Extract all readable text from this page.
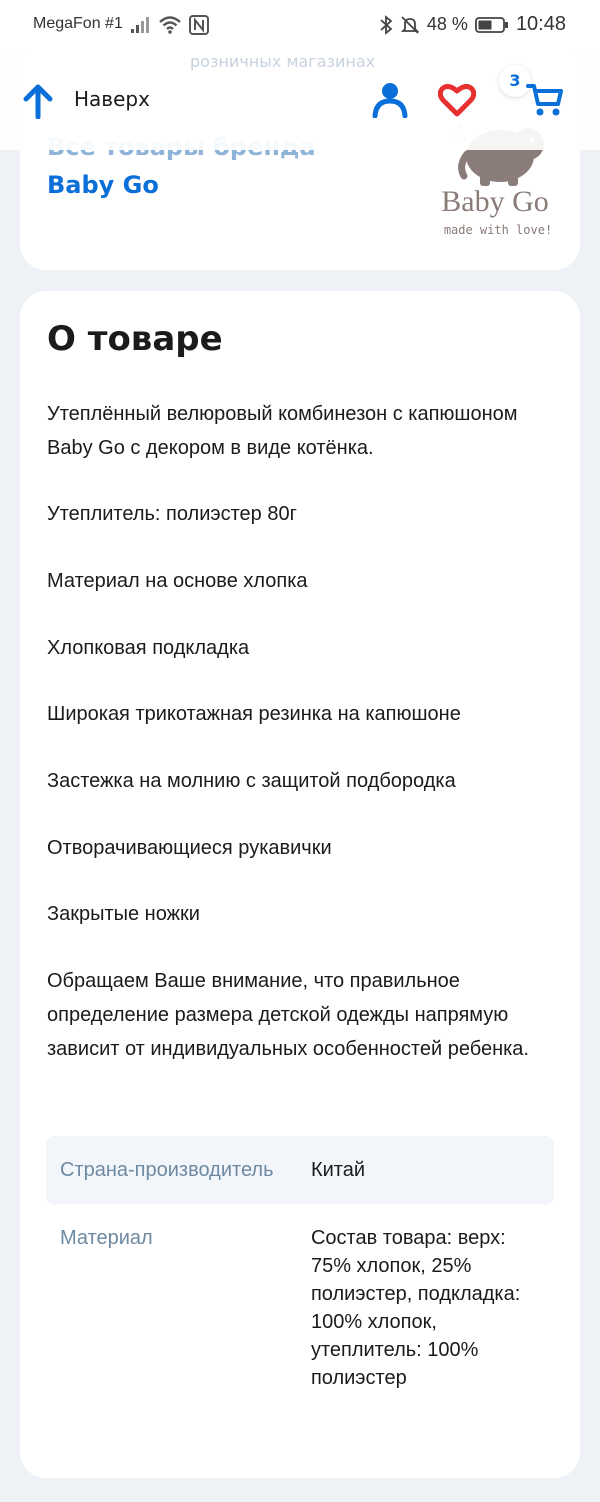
MegaFon #1	48 % 10:48
Baby Go	Baby Go
made with love!
розничных магазинах
Наверх
3
О товаре

Утеплённый велюровый комбинезон с капюшоном Baby Go с декором в виде котёнка.

Утеплитель: полиэстер 80г

Материал на основе хлопка

Хлопковая подкладка

Широкая трикотажная резинка на капюшоне

Застежка на молнию с защитой подбородка

Отворачивающиеся рукавички

Закрытые ножки

Обращаем Ваше внимание, что правильное определение размера детской одежды напрямую зависит от индивидуальных особенностей ребенка.

Страна-производитель	Китай
Материал	Состав товара: верх: 75% хлопок, 25% полиэстер, подкладка: 100% хлопок, утеплитель: 100% полиэстер
